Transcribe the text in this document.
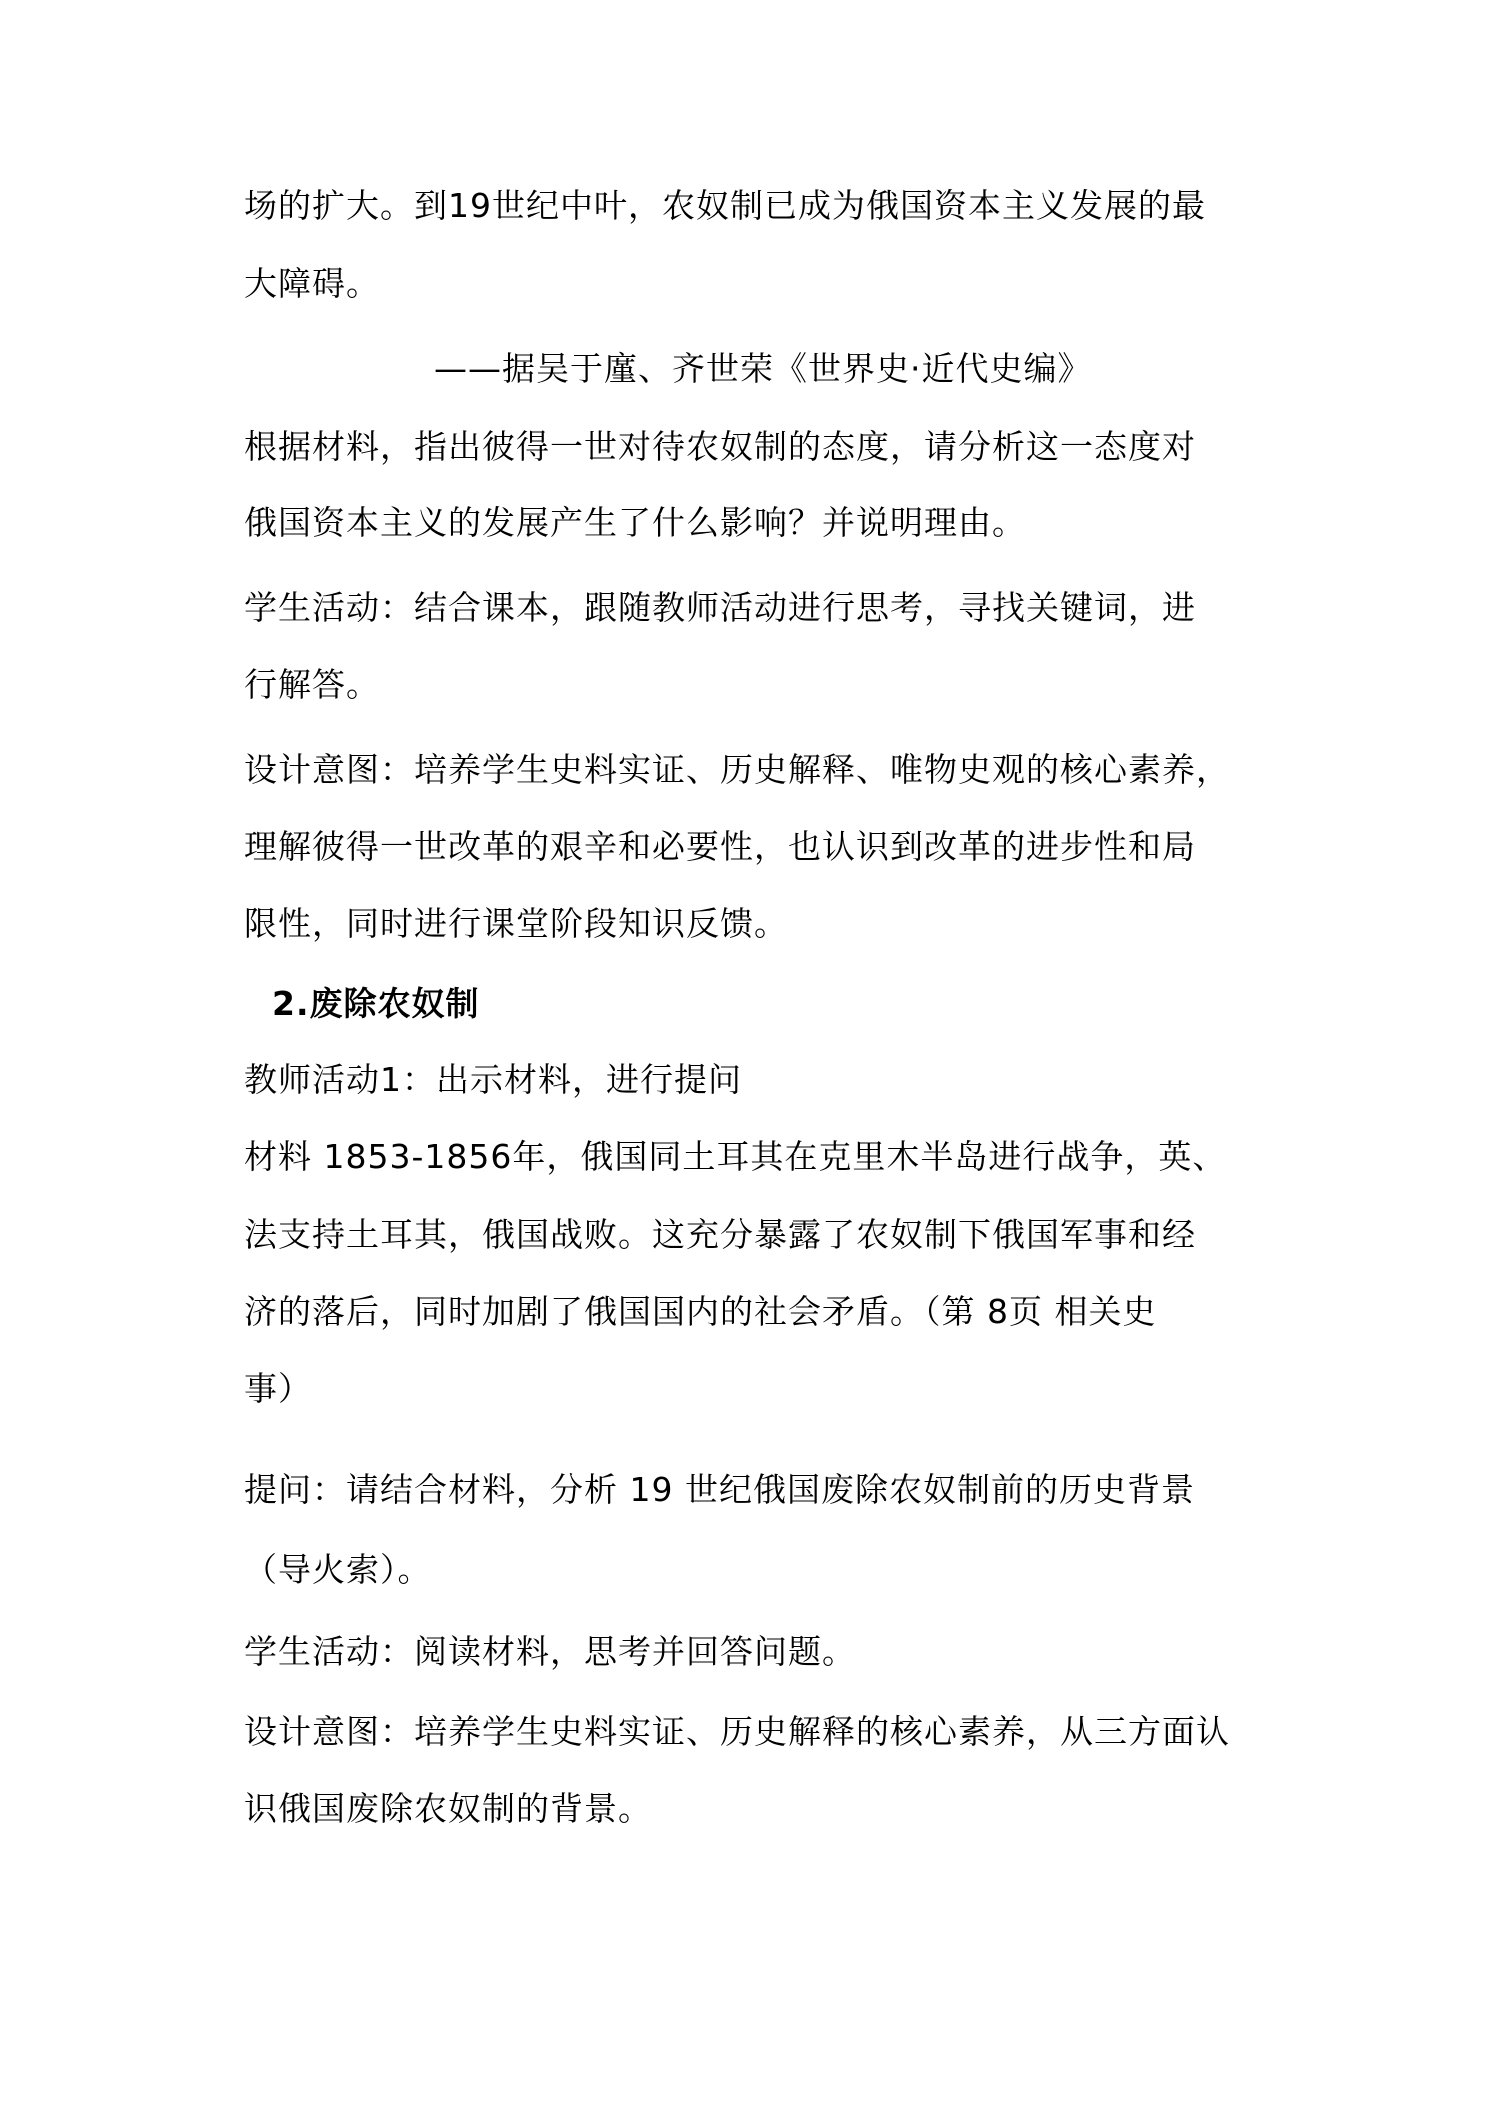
场的扩大。到19世纪中叶，农奴制已成为俄国资本主义发展的最
大障碍。
——据吴于廑、齐世荣《世界史·近代史编》
根据材料，指出彼得一世对待农奴制的态度，请分析这一态度对
俄国资本主义的发展产生了什么影响？并说明理由。
学生活动：结合课本，跟随教师活动进行思考，寻找关键词，进
行解答。
设计意图：培养学生史料实证、历史解释、唯物史观的核心素养，
理解彼得一世改革的艰辛和必要性，也认识到改革的进步性和局
限性，同时进行课堂阶段知识反馈。
2.废除农奴制
教师活动1：出示材料，进行提问
材料 1853-1856年，俄国同土耳其在克里木半岛进行战争，英、
法支持土耳其，俄国战败。这充分暴露了农奴制下俄国军事和经
济的落后，同时加剧了俄国国内的社会矛盾。（第 8页 相关史
事）
提问：请结合材料，分析 19 世纪俄国废除农奴制前的历史背景
（导火索）。
学生活动：阅读材料，思考并回答问题。
设计意图：培养学生史料实证、历史解释的核心素养，从三方面认
识俄国废除农奴制的背景。
